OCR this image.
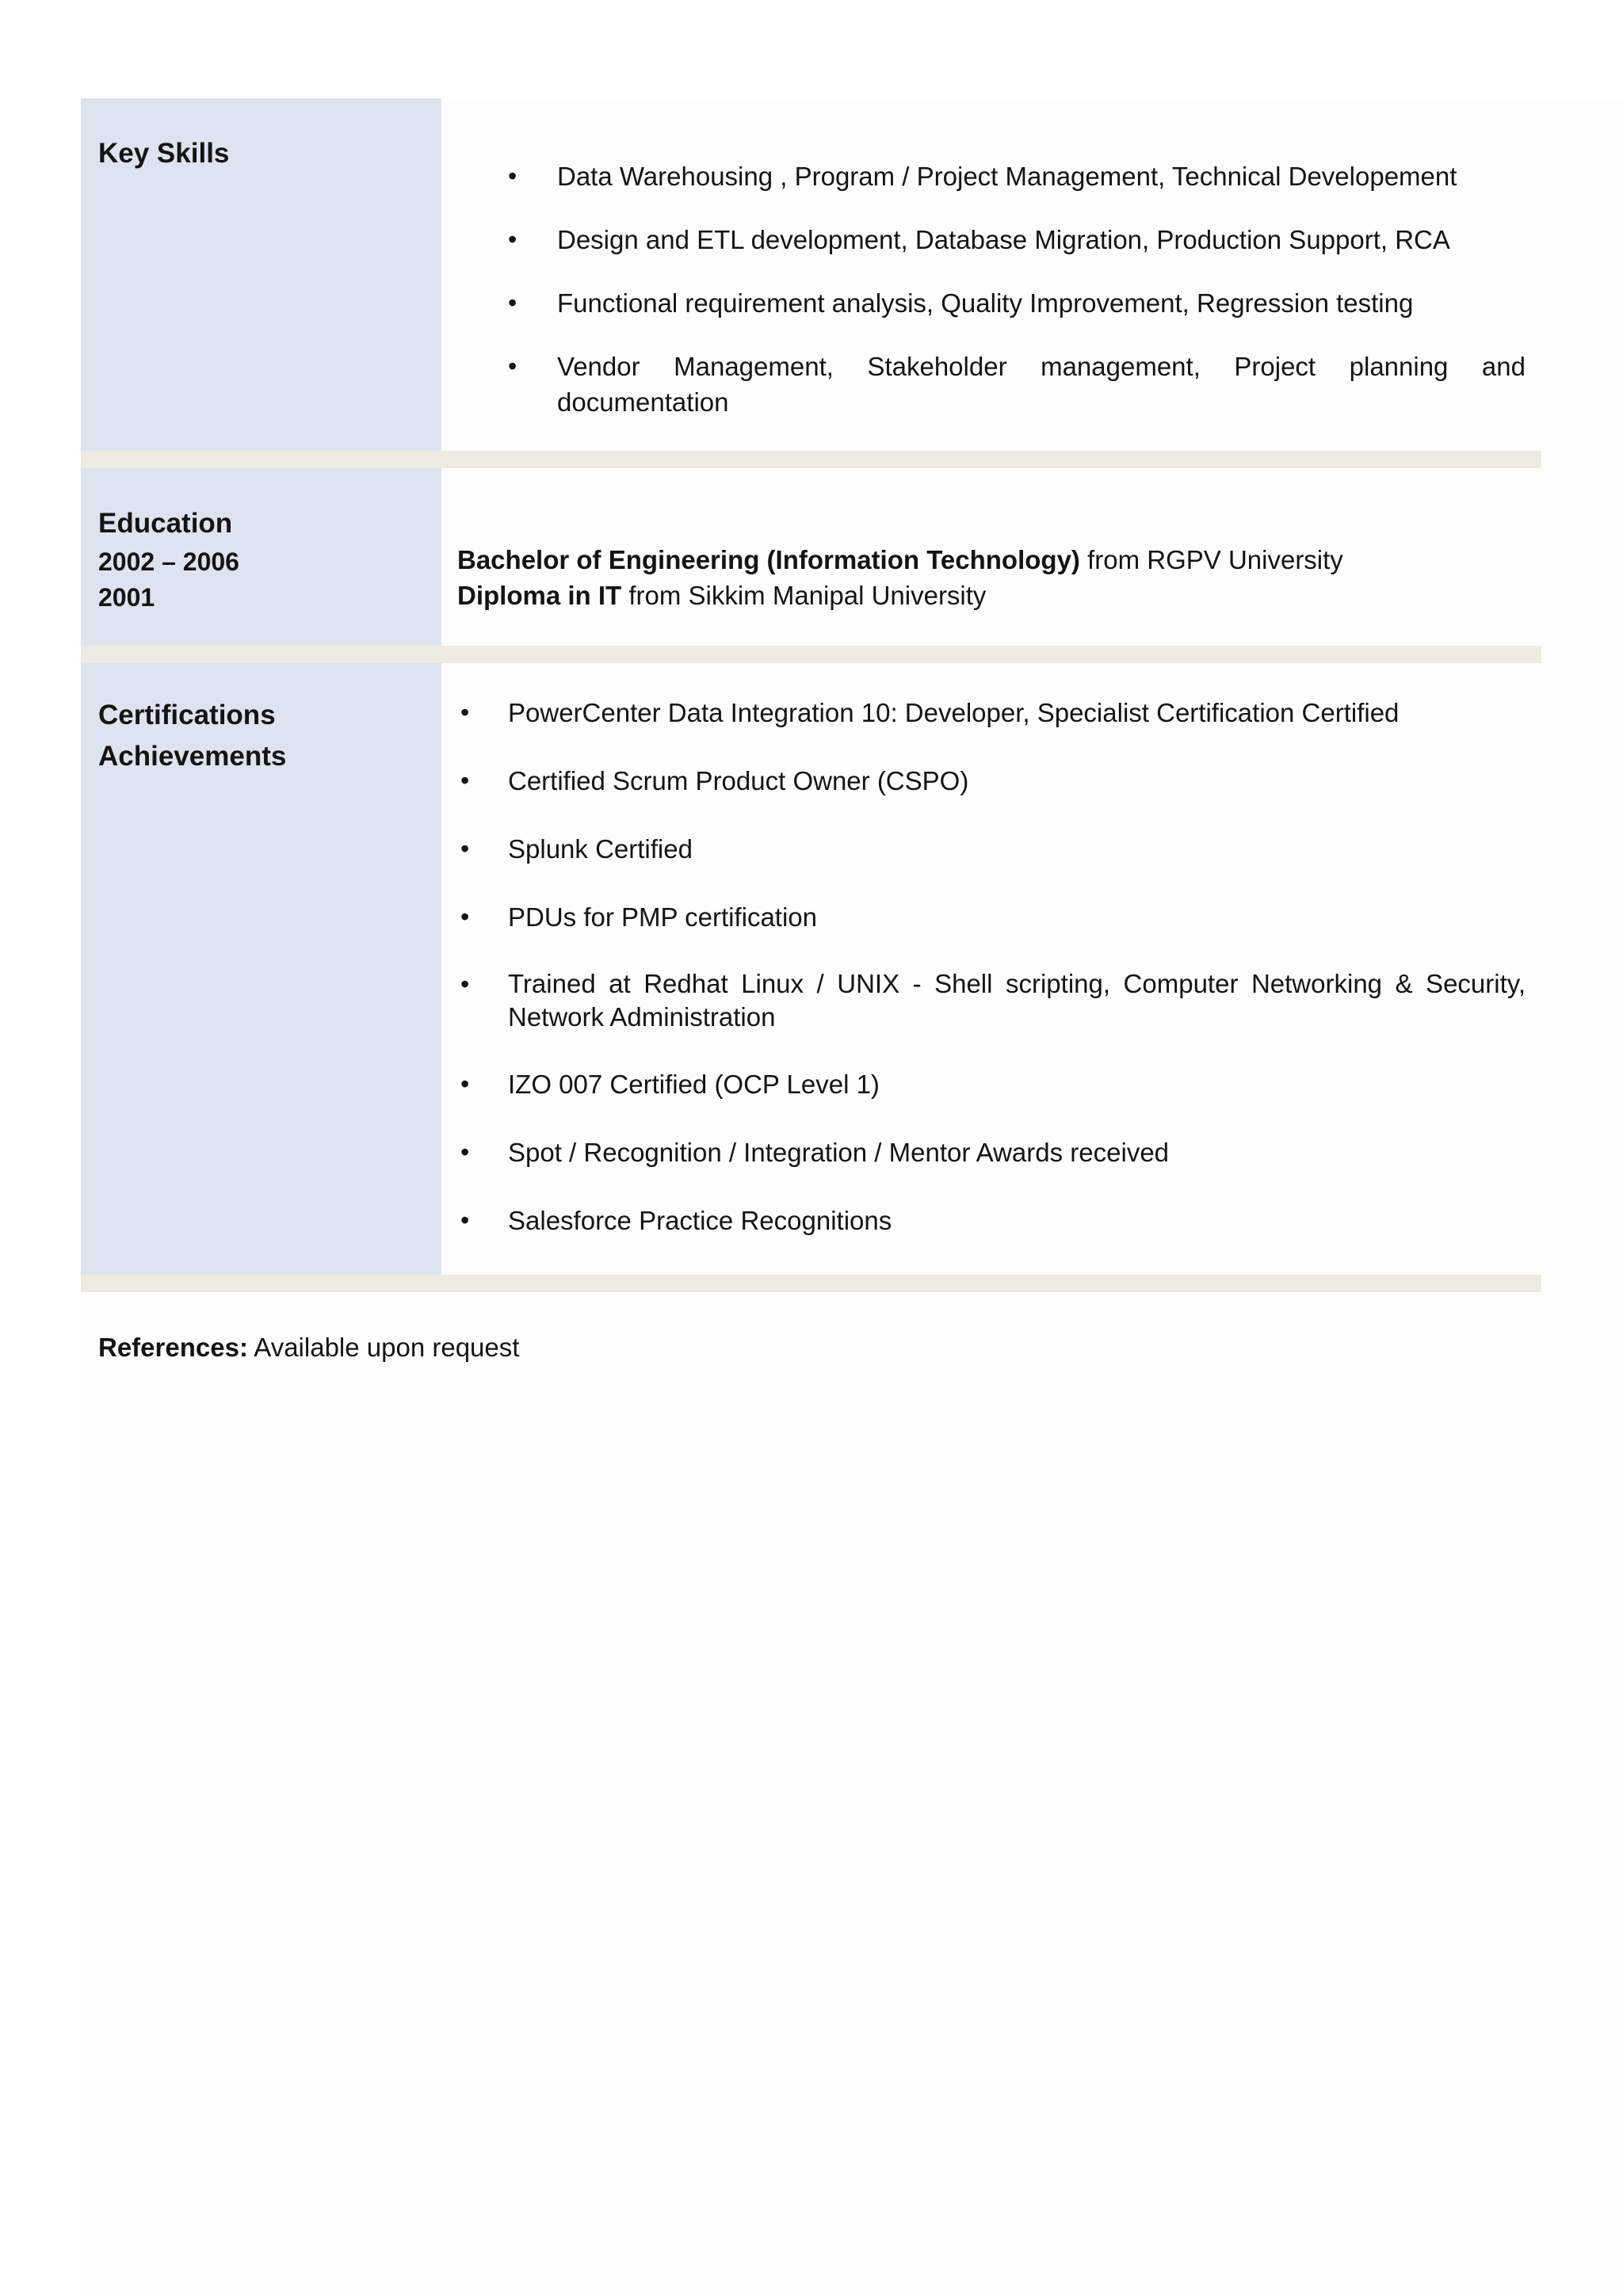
Key Skills

• Data Warehousing , Program / Project Management, Technical Developement
• Design and ETL development, Database Migration, Production Support, RCA
• Functional requirement analysis, Quality Improvement, Regression testing
• Vendor Management, Stakeholder management, Project planning and documentation

Education

2002 – 2006
2001
Bachelor of Engineering (Information Technology) from RGPV University
Diploma in IT from Sikkim Manipal University

Certifications

Achievements

• PowerCenter Data Integration 10: Developer, Specialist Certification Certified
• Certified Scrum Product Owner (CSPO)
• Splunk Certified
• PDUs for PMP certification
• Trained at Redhat Linux / UNIX - Shell scripting, Computer Networking & Security, Network Administration
• IZO 007 Certified (OCP Level 1)
• Spot / Recognition / Integration / Mentor Awards received
• Salesforce Practice Recognitions
References: Available upon request
